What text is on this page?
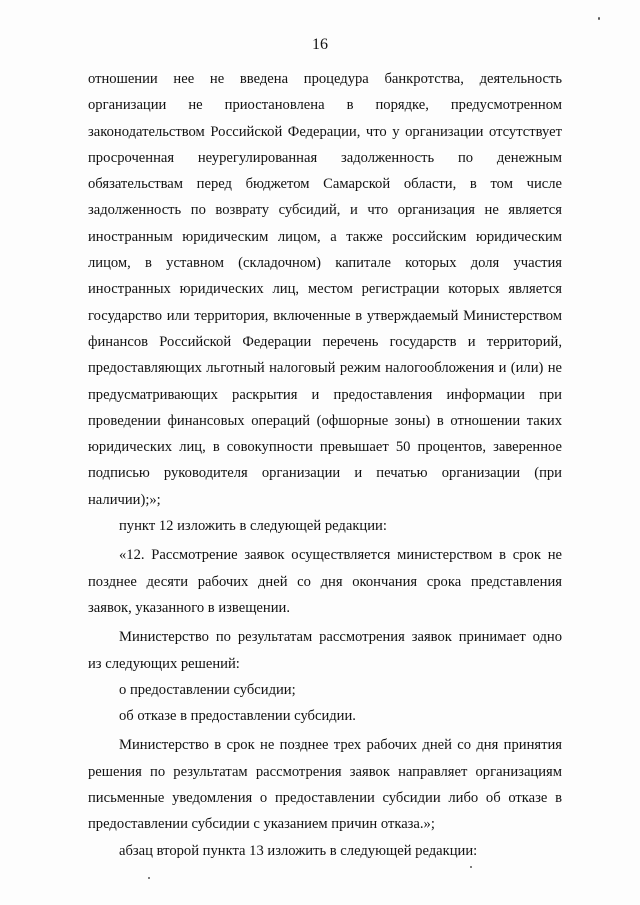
16
отношении нее не введена процедура банкротства, деятельность
организации не приостановлена в порядке, предусмотренном
законодательством Российской Федерации, что у организации отсутствует
просроченная неурегулированная задолженность по денежным
обязательствам перед бюджетом Самарской области, в том числе
задолженность по возврату субсидий, и что организация не является
иностранным юридическим лицом, а также российским юридическим
лицом, в уставном (складочном) капитале которых доля участия
иностранных юридических лиц, местом регистрации которых является
государство или территория, включенные в утверждаемый Министерством
финансов Российской Федерации перечень государств и территорий,
предоставляющих льготный налоговый режим налогообложения и (или) не
предусматривающих раскрытия и предоставления информации при
проведении финансовых операций (офшорные зоны) в отношении таких
юридических лиц, в совокупности превышает 50 процентов, заверенное
подписью руководителя организации и печатью организации (при
наличии);»;
пункт 12 изложить в следующей редакции:
«12. Рассмотрение заявок осуществляется министерством в срок не
позднее десяти рабочих дней со дня окончания срока представления
заявок, указанного в извещении.
Министерство по результатам рассмотрения заявок принимает одно
из следующих решений:
о предоставлении субсидии;
об отказе в предоставлении субсидии.
Министерство в срок не позднее трех рабочих дней со дня принятия
решения по результатам рассмотрения заявок направляет организациям
письменные уведомления о предоставлении субсидии либо об отказе в
предоставлении субсидии с указанием причин отказа.»;
абзац второй пункта 13 изложить в следующей редакции:
